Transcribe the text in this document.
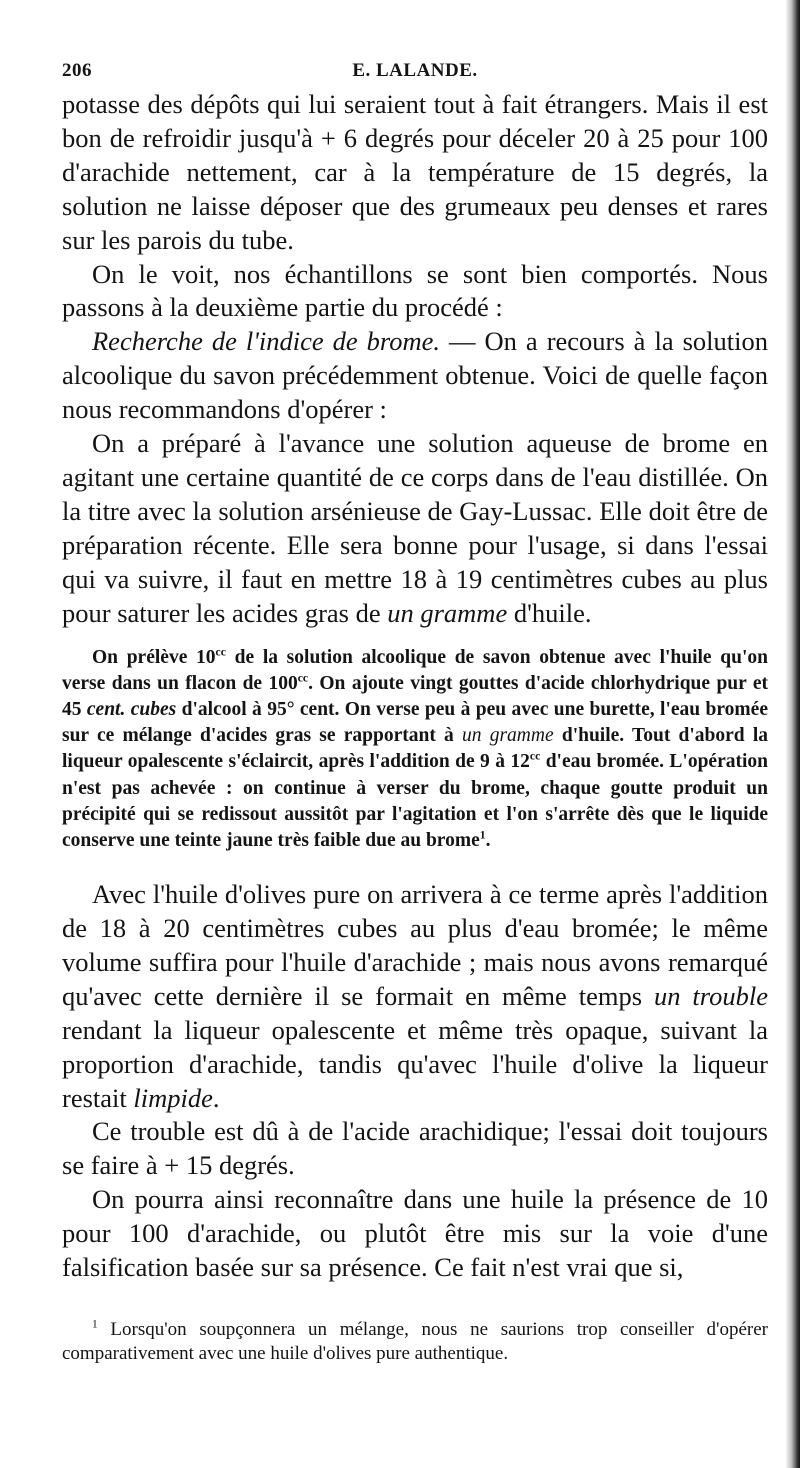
206	E. LALANDE.

potasse des dépôts qui lui seraient tout à fait étrangers. Mais il est bon de refroidir jusqu'à + 6 degrés pour déceler 20 à 25 pour 100 d'arachide nettement, car à la température de 15 degrés, la solution ne laisse déposer que des grumeaux peu denses et rares sur les parois du tube.

On le voit, nos échantillons se sont bien comportés. Nous passons à la deuxième partie du procédé :

Recherche de l'indice de brome. — On a recours à la solution alcoolique du savon précédemment obtenue. Voici de quelle façon nous recommandons d'opérer :

On a préparé à l'avance une solution aqueuse de brome en agitant une certaine quantité de ce corps dans de l'eau distillée. On la titre avec la solution arsénieuse de Gay-Lussac. Elle doit être de préparation récente. Elle sera bonne pour l'usage, si dans l'essai qui va suivre, il faut en mettre 18 à 19 centimètres cubes au plus pour saturer les acides gras de un gramme d'huile.

On prélève $10^{cc}$ de la solution alcoolique de savon obtenue avec l'huile qu'on verse dans un flacon de $100^{cc}$. On ajoute vingt gouttes d'acide chlorhydrique pur et 45 cent. cubes d'alcool à 95° cent. On verse peu à peu avec une burette, l'eau bromée sur ce mélange d'acides gras se rapportant à un gramme d'huile. Tout d'abord la liqueur opalescente s'éclaircit, après l'addition de 9 à $12^{cc}$ d'eau bromée. L'opération n'est pas achevée : on continue à verser du brome, chaque goutte produit un précipité qui se redissout aussitôt par l'agitation et l'on s'arrête dès que le liquide conserve une teinte jaune très faible due au brome$^1$.

Avec l'huile d'olives pure on arrivera à ce terme après l'addition de 18 à 20 centimètres cubes au plus d'eau bromée; le même volume suffira pour l'huile d'arachide ; mais nous avons remarqué qu'avec cette dernière il se formait en même temps un trouble rendant la liqueur opalescente et même très opaque, suivant la proportion d'arachide, tandis qu'avec l'huile d'olive la liqueur restait limpide.

Ce trouble est dû à de l'acide arachidique; l'essai doit toujours se faire à + 15 degrés.

On pourra ainsi reconnaître dans une huile la présence de 10 pour 100 d'arachide, ou plutôt être mis sur la voie d'une falsification basée sur sa présence. Ce fait n'est vrai que si,

$^1$ Lorsqu'on soupçonnera un mélange, nous ne saurions trop conseiller d'opérer comparativement avec une huile d'olives pure authentique.
